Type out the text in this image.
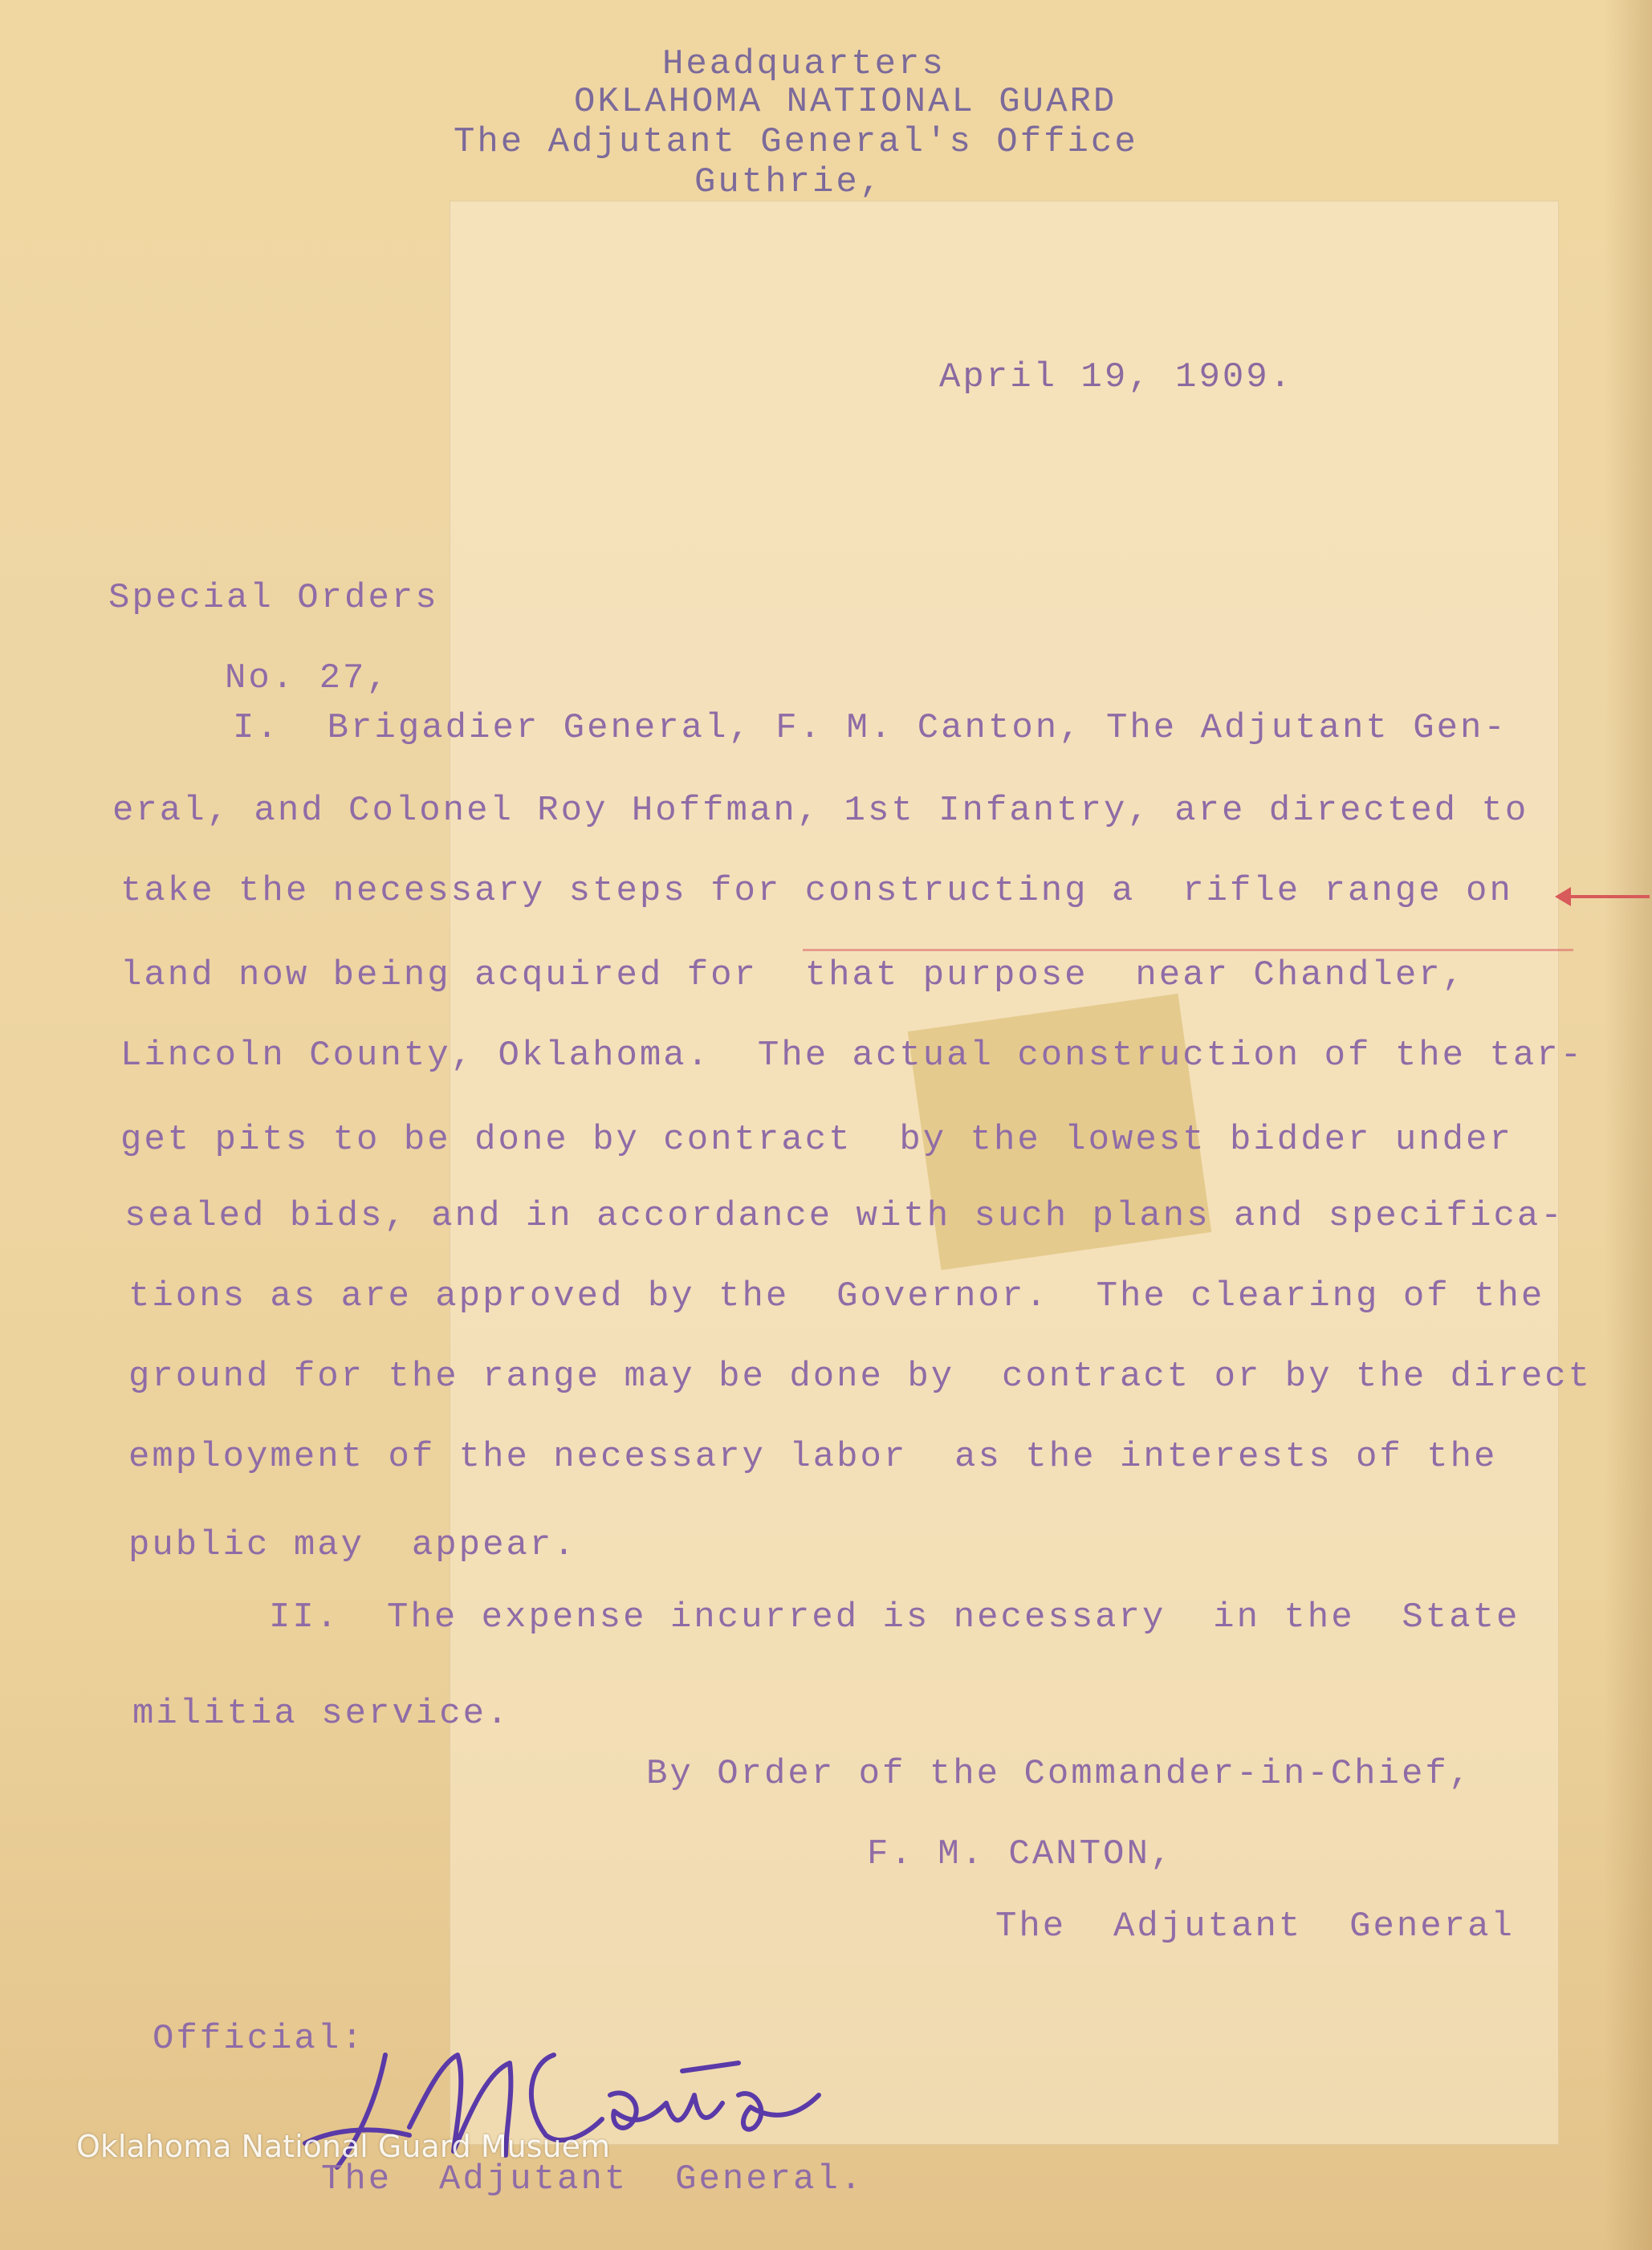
Headquarters
OKLAHOMA NATIONAL GUARD
The Adjutant General's Office
Guthrie,
April 19, 1909.
Special Orders
No. 27,
I.  Brigadier General, F. M. Canton, The Adjutant Gen-
eral, and Colonel Roy Hoffman, 1st Infantry, are directed to
take the necessary steps for constructing a  rifle range on
land now being acquired for  that purpose  near Chandler,
Lincoln County, Oklahoma.  The actual construction of the tar-
get pits to be done by contract  by the lowest bidder under
sealed bids, and in accordance with such plans and specifica-
tions as are approved by the  Governor.  The clearing of the
ground for the range may be done by  contract or by the direct
employment of the necessary labor  as the interests of the
public may  appear.
II.  The expense incurred is necessary  in the  State
militia service.
By Order of the Commander-in-Chief,
F. M. CANTON,
The  Adjutant  General
Official:
The  Adjutant  General.
Oklahoma National Guard Musuem
